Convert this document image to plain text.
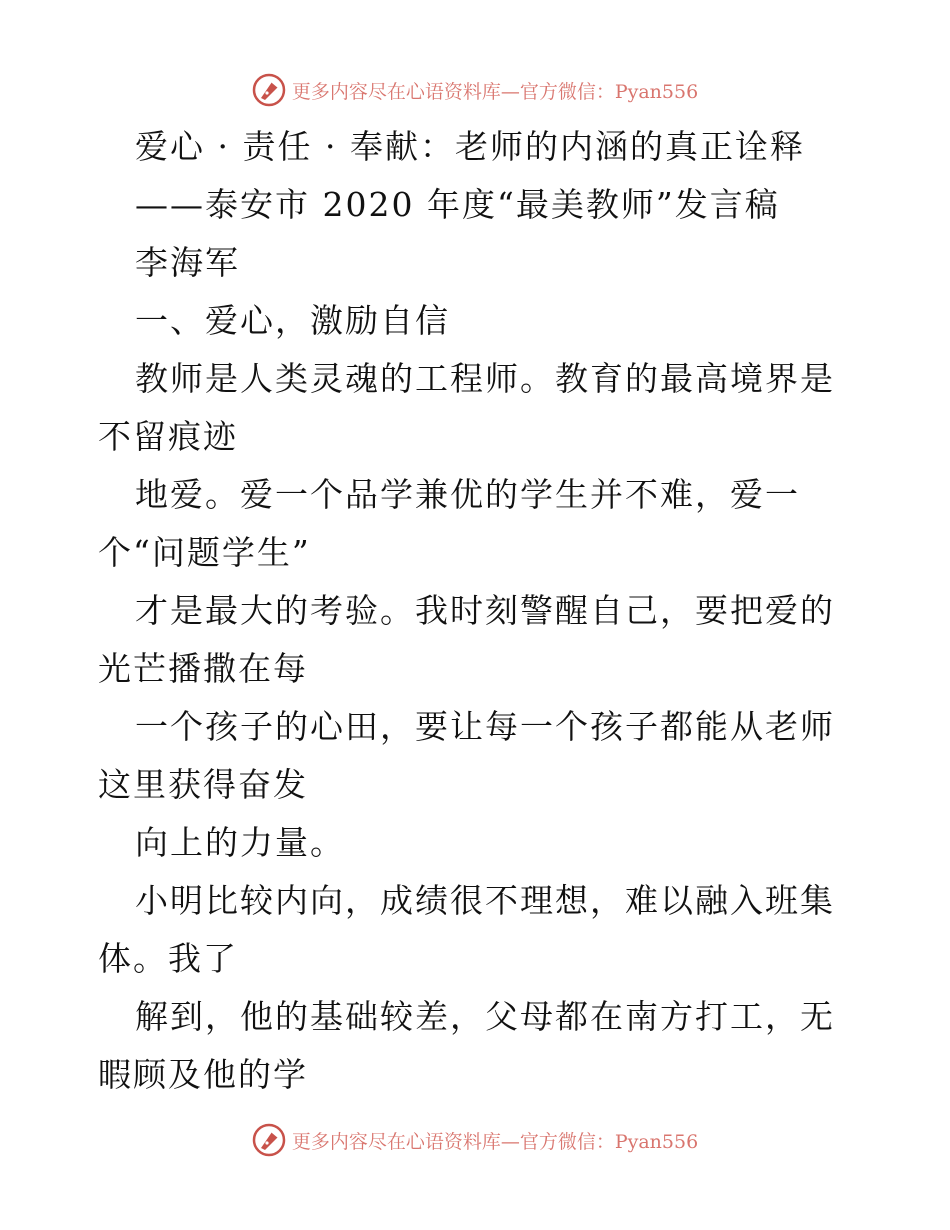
更多内容尽在心语资料库—官方微信：Pyan556

爱心 · 责任 · 奉献：老师的内涵的真正诠释

——泰安市 2020 年度“最美教师”发言稿

李海军

一、爱心，激励自信

教师是人类灵魂的工程师。教育的最高境界是不留痕迹

地爱。爱一个品学兼优的学生并不难，爱一个“问题学生”

才是最大的考验。我时刻警醒自己，要把爱的光芒播撒在每

一个孩子的心田，要让每一个孩子都能从老师这里获得奋发

向上的力量。

小明比较内向，成绩很不理想，难以融入班集体。我了

解到，他的基础较差，父母都在南方打工，无暇顾及他的学

更多内容尽在心语资料库—官方微信：Pyan556
